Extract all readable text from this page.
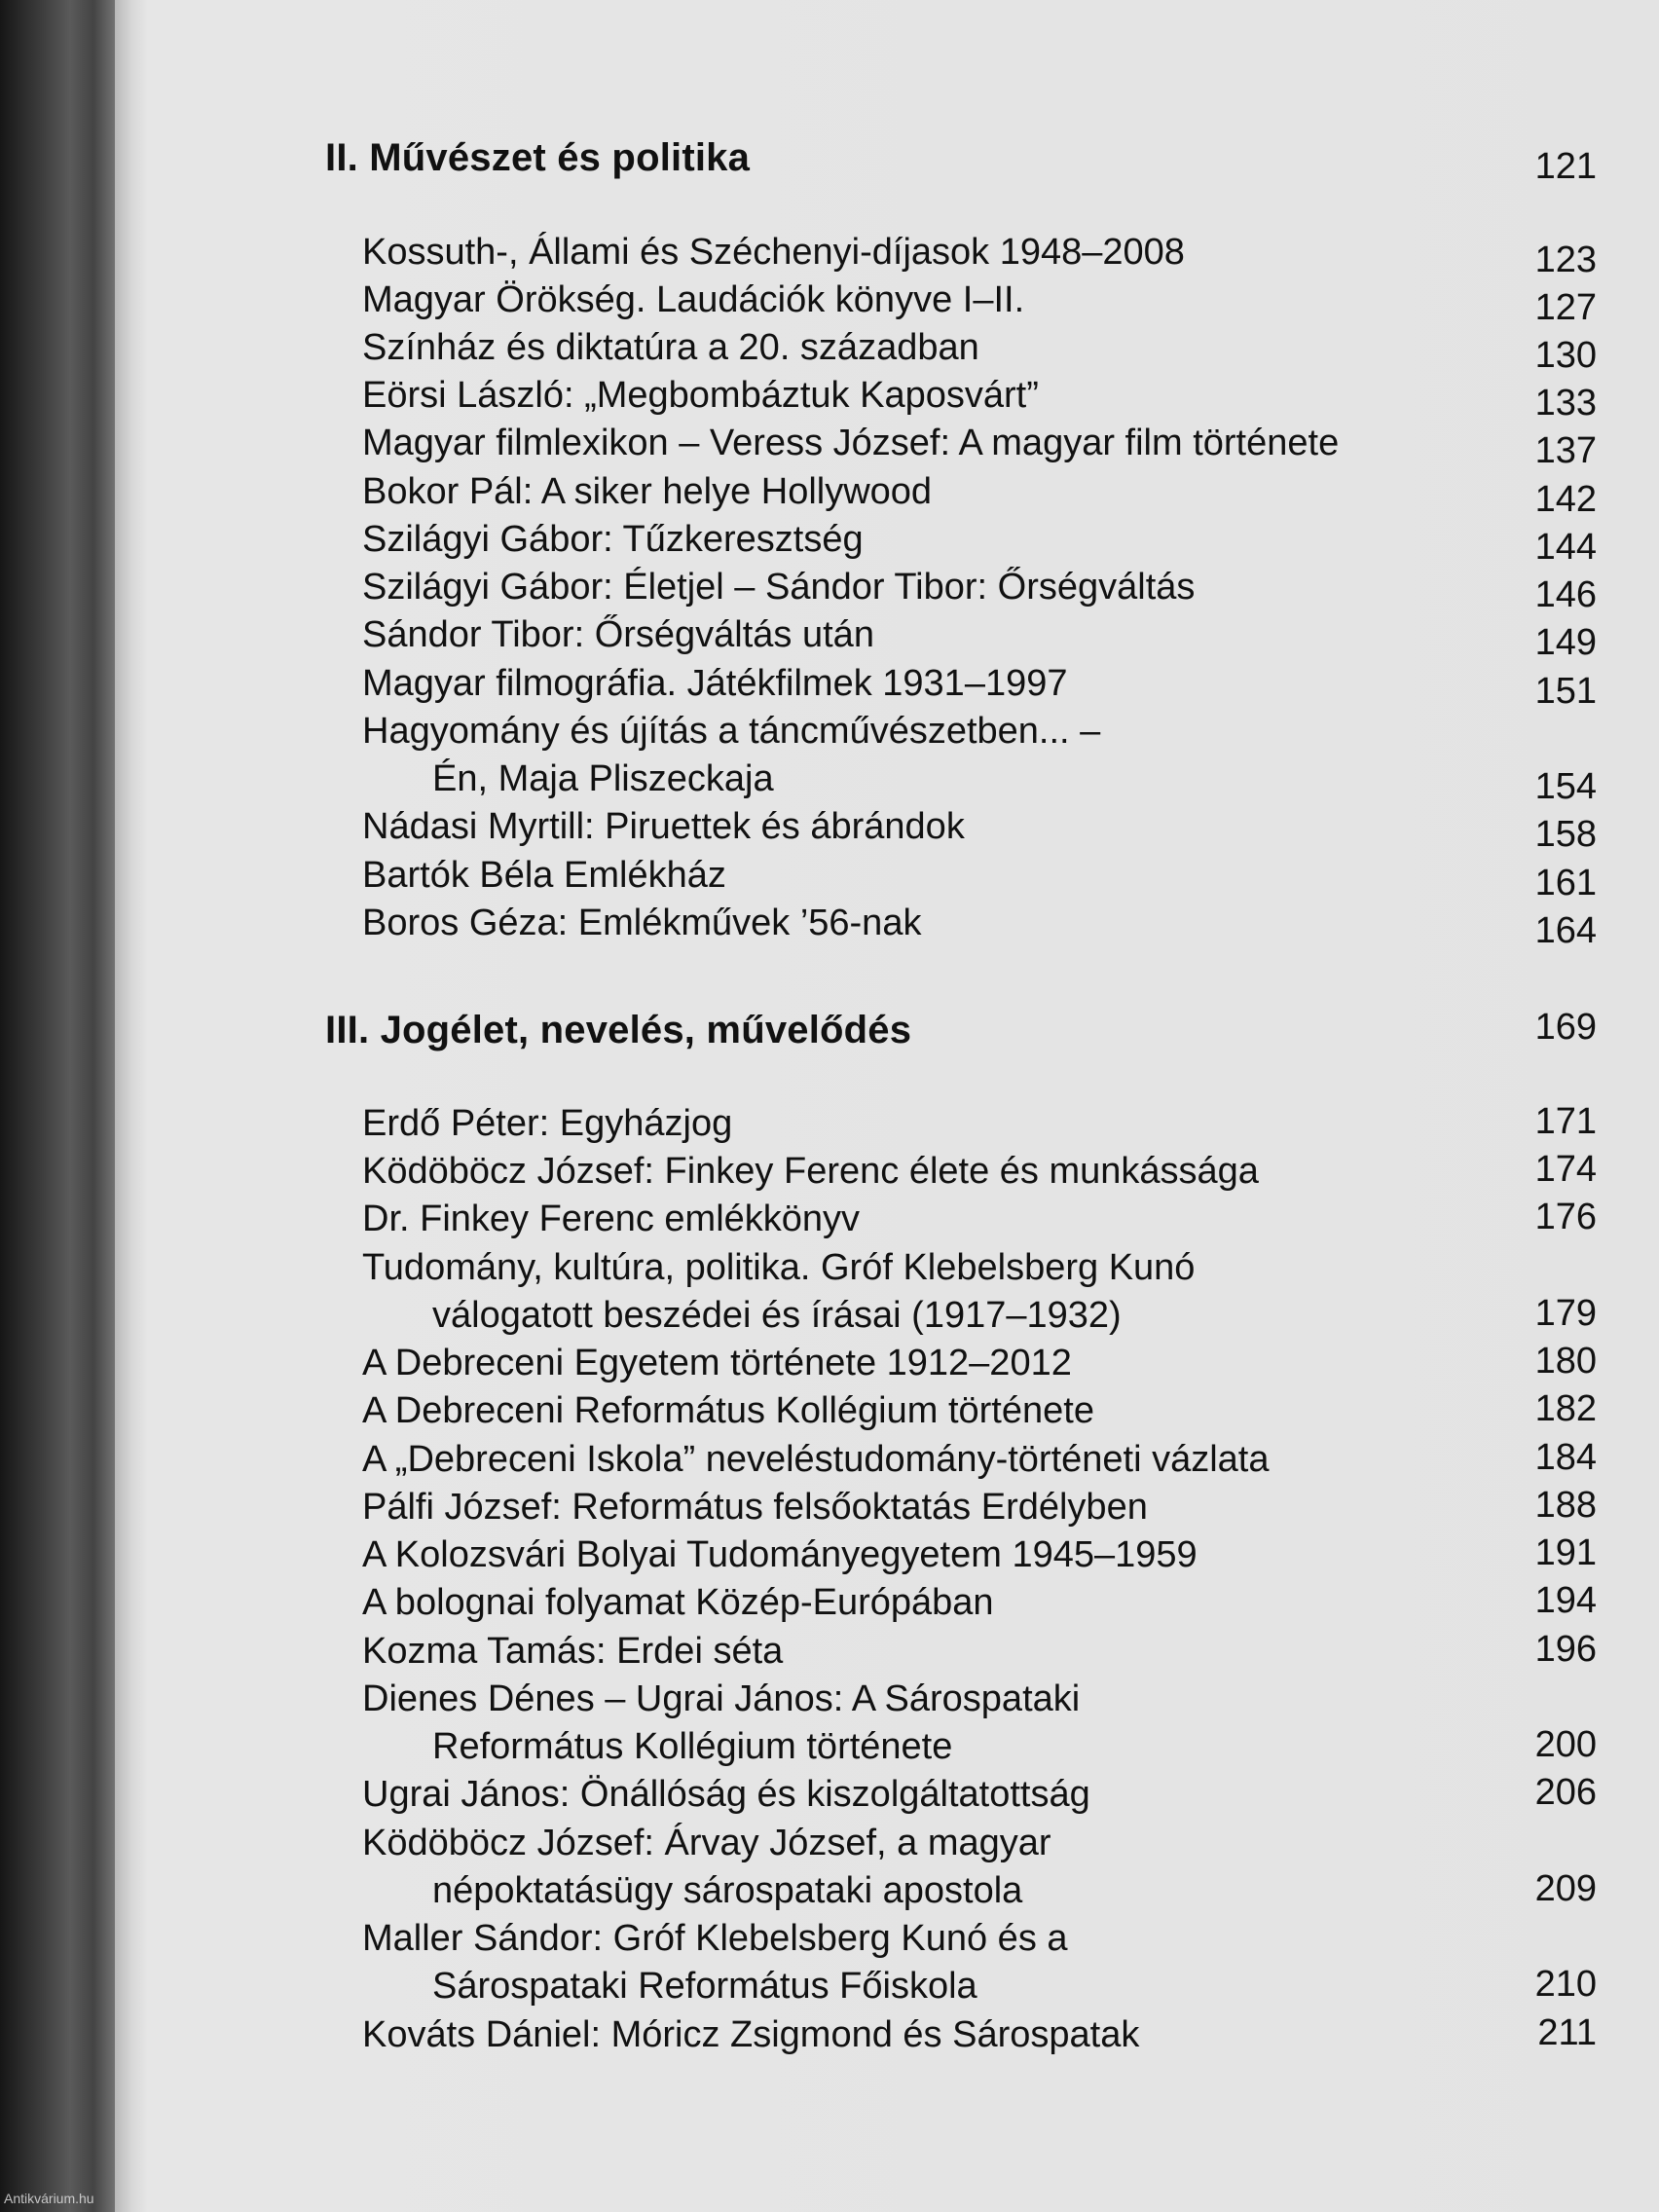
II. Művészet és politika	121
Kossuth-, Állami és Széchenyi-díjasok 1948–2008	123
Magyar Örökség. Laudációk könyve I–II.	127
Színház és diktatúra a 20. században	130
Eörsi László: „Megbombáztuk Kaposvárt”	133
Magyar filmlexikon – Veress József: A magyar film története	137
Bokor Pál: A siker helye Hollywood	142
Szilágyi Gábor: Tűzkeresztség	144
Szilágyi Gábor: Életjel – Sándor Tibor: Őrségváltás	146
Sándor Tibor: Őrségváltás után	149
Magyar filmográfia. Játékfilmek 1931–1997	151
Hagyomány és újítás a táncművészetben... –
Én, Maja Pliszeckaja	154
Nádasi Myrtill: Piruettek és ábrándok	158
Bartók Béla Emlékház	161
Boros Géza: Emlékművek ’56-nak	164
III. Jogélet, nevelés, művelődés	169
Erdő Péter: Egyházjog	171
Ködöböcz József: Finkey Ferenc élete és munkássága	174
Dr. Finkey Ferenc emlékkönyv	176
Tudomány, kultúra, politika. Gróf Klebelsberg Kunó
válogatott beszédei és írásai (1917–1932)	179
A Debreceni Egyetem története 1912–2012	180
A Debreceni Református Kollégium története	182
A „Debreceni Iskola” neveléstudomány-történeti vázlata	184
Pálfi József: Református felsőoktatás Erdélyben	188
A Kolozsvári Bolyai Tudományegyetem 1945–1959	191
A bolognai folyamat Közép-Európában	194
Kozma Tamás: Erdei séta	196
Dienes Dénes – Ugrai János: A Sárospataki
Református Kollégium története	200
Ugrai János: Önállóság és kiszolgáltatottság	206
Ködöböcz József: Árvay József, a magyar
népoktatásügy sárospataki apostola	209
Maller Sándor: Gróf Klebelsberg Kunó és a
Sárospataki Református Főiskola	210
Kováts Dániel: Móricz Zsigmond és Sárospatak	211
Antikvárium.hu
